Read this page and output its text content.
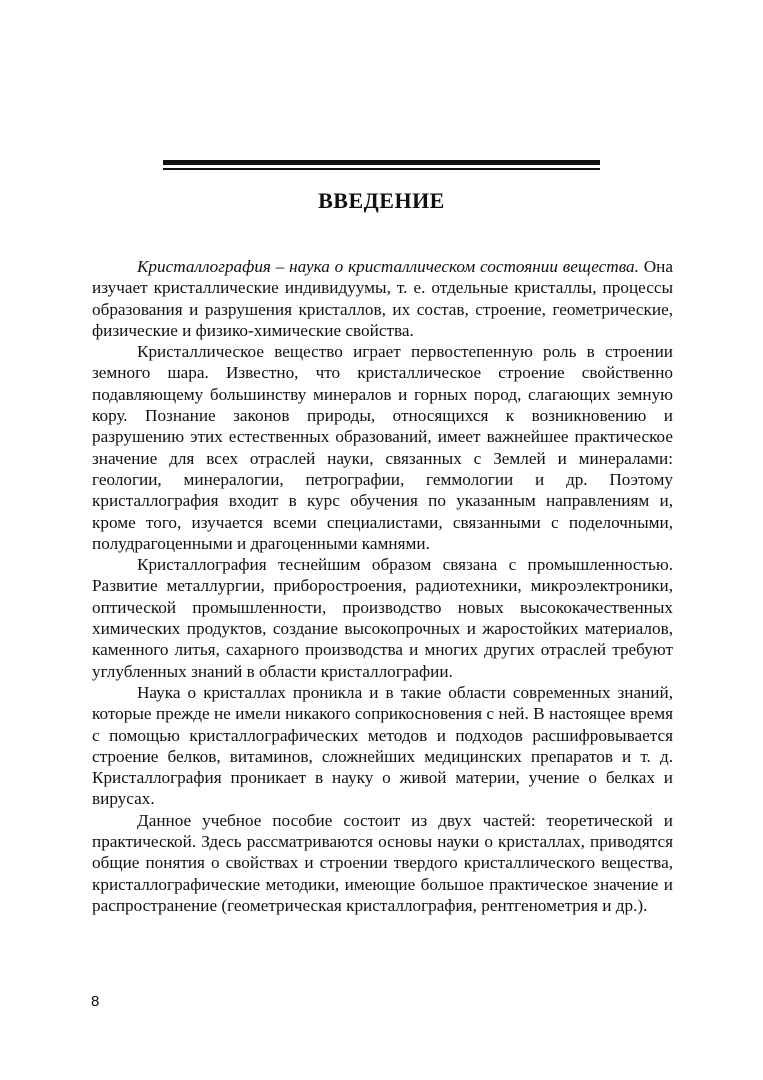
ВВЕДЕНИЕ

Кристаллография – наука о кристаллическом состоянии вещества. Она изучает кристаллические индивидуумы, т. е. отдельные кристаллы, процессы образования и разрушения кристаллов, их состав, строение, геометрические, физические и физико-химические свойства.

Кристаллическое вещество играет первостепенную роль в строении земного шара. Известно, что кристаллическое строение свойственно подавляющему большинству минералов и горных пород, слагающих земную кору. Познание законов природы, относящихся к возникновению и разрушению этих естественных образований, имеет важнейшее практическое значение для всех отраслей науки, связанных с Землей и минералами: геологии, минералогии, петрографии, геммологии и др. Поэтому кристаллография входит в курс обучения по указанным направлениям и, кроме того, изучается всеми специалистами, связанными с поделочными, полудрагоценными и драгоценными камнями.

Кристаллография теснейшим образом связана с промышленностью. Развитие металлургии, приборостроения, радиотехники, микроэлектроники, оптической промышленности, производство новых высококачественных химических продуктов, создание высокопрочных и жаростойких материалов, каменного литья, сахарного производства и многих других отраслей требуют углубленных знаний в области кристаллографии.

Наука о кристаллах проникла и в такие области современных знаний, которые прежде не имели никакого соприкосновения с ней. В настоящее время с помощью кристаллографических методов и подходов расшифровывается строение белков, витаминов, сложнейших медицинских препаратов и т. д. Кристаллография проникает в науку о живой материи, учение о белках и вирусах.

Данное учебное пособие состоит из двух частей: теоретической и практической. Здесь рассматриваются основы науки о кристаллах, приводятся общие понятия о свойствах и строении твердого кристаллического вещества, кристаллографические методики, имеющие большое практическое значение и распространение (геометрическая кристаллография, рентгенометрия и др.).

8
